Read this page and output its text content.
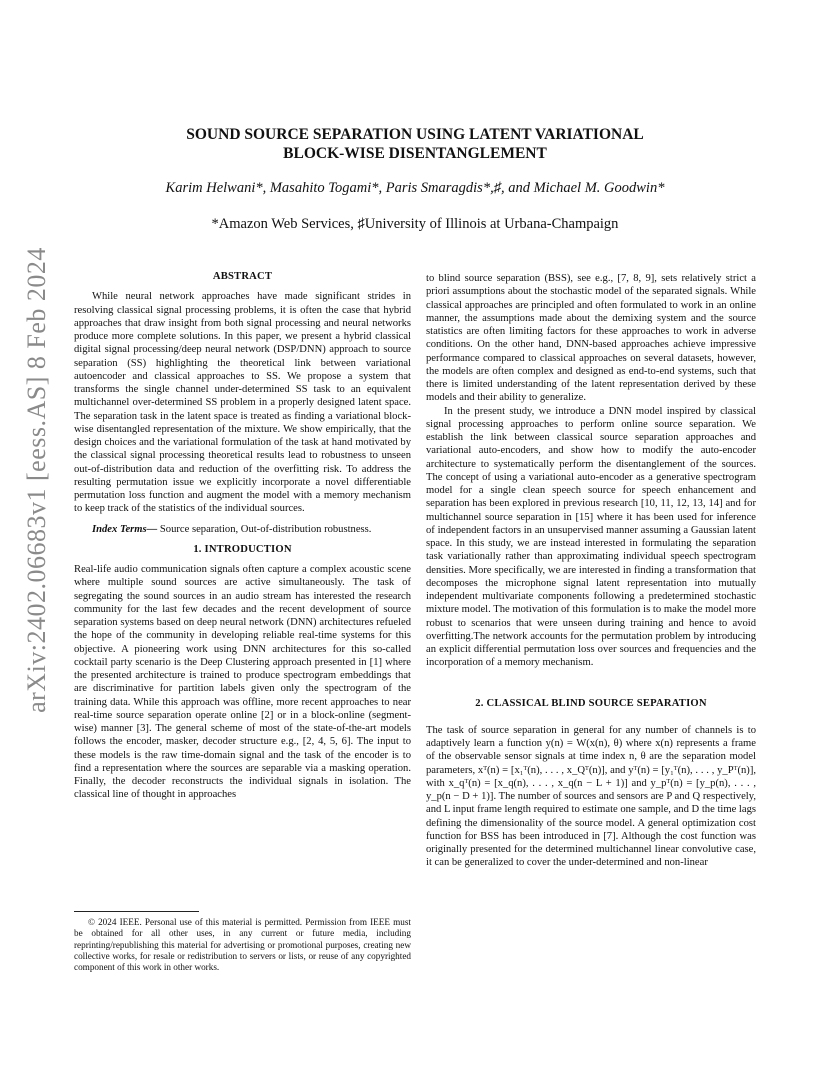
arXiv:2402.06683v1 [eess.AS] 8 Feb 2024
SOUND SOURCE SEPARATION USING LATENT VARIATIONAL
BLOCK-WISE DISENTANGLEMENT
Karim Helwani*, Masahito Togami*, Paris Smaragdis*,♯, and Michael M. Goodwin*
*Amazon Web Services, ♯University of Illinois at Urbana-Champaign
ABSTRACT

While neural network approaches have made significant strides in resolving classical signal processing problems, it is often the case that hybrid approaches that draw insight from both signal processing and neural networks produce more complete solutions. In this paper, we present a hybrid classical digital signal processing/deep neural network (DSP/DNN) approach to source separation (SS) highlighting the theoretical link between variational autoencoder and classical approaches to SS. We propose a system that transforms the single channel under-determined SS task to an equivalent multichannel over-determined SS problem in a properly designed latent space. The separation task in the latent space is treated as finding a variational block-wise disentangled representation of the mixture. We show empirically, that the design choices and the variational formulation of the task at hand motivated by the classical signal processing theoretical results lead to robustness to unseen out-of-distribution data and reduction of the overfitting risk. To address the resulting permutation issue we explicitly incorporate a novel differentiable permutation loss function and augment the model with a memory mechanism to keep track of the statistics of the individual sources.

Index Terms— Source separation, Out-of-distribution robustness.

1. INTRODUCTION

Real-life audio communication signals often capture a complex acoustic scene where multiple sound sources are active simultaneously. The task of segregating the sound sources in an audio stream has interested the research community for the last few decades and the recent development of source separation systems based on deep neural network (DNN) architectures refueled the hope of the community in developing reliable real-time systems for this objective. A pioneering work using DNN architectures for this so-called cocktail party scenario is the Deep Clustering approach presented in [1] where the presented architecture is trained to produce spectrogram embeddings that are discriminative for partition labels given only the spectrogram of the training data. While this approach was offline, more recent approaches to near real-time source separation operate online [2] or in a block-online (segment-wise) manner [3]. The general scheme of most of the state-of-the-art models follows the encoder, masker, decoder structure e.g., [2, 4, 5, 6]. The input to these models is the raw time-domain signal and the task of the encoder is to find a representation where the sources are separable via a masking operation. Finally, the decoder reconstructs the individual signals in isolation. The classical line of thought in approaches

© 2024 IEEE. Personal use of this material is permitted. Permission from IEEE must be obtained for all other uses, in any current or future media, including reprinting/republishing this material for advertising or promotional purposes, creating new collective works, for resale or redistribution to servers or lists, or reuse of any copyrighted component of this work in other works.

to blind source separation (BSS), see e.g., [7, 8, 9], sets relatively strict a priori assumptions about the stochastic model of the separated signals. While classical approaches are principled and often formulated to work in an online manner, the assumptions made about the demixing system and the source statistics are often limiting factors for these approaches to work in adverse conditions. On the other hand, DNN-based approaches achieve impressive performance compared to classical approaches on several datasets, however, the models are often complex and designed as end-to-end systems, such that there is limited understanding of the latent representation derived by these models and their ability to generalize.

In the present study, we introduce a DNN model inspired by classical signal processing approaches to perform online source separation. We establish the link between classical source separation approaches and variational auto-encoders, and show how to modify the auto-encoder architecture to systematically perform the disentanglement of the sources. The concept of using a variational auto-encoder as a generative spectrogram model for a single clean speech source for speech enhancement and separation has been explored in previous research [10, 11, 12, 13, 14] and for multichannel source separation in [15] where it has been used for inference of independent factors in an unsupervised manner assuming a Gaussian latent space. In this study, we are instead interested in formulating the separation task variationally rather than approximating individual speech spectrogram densities. More specifically, we are interested in finding a transformation that decomposes the microphone signal latent representation into mutually independent multivariate components following a predetermined stochastic mixture model. The motivation of this formulation is to make the model more robust to scenarios that were unseen during training and hence to avoid overfitting.The network accounts for the permutation problem by introducing an explicit differential permutation loss over sources and frequencies and the incorporation of a memory mechanism.

2. CLASSICAL BLIND SOURCE SEPARATION

The task of source separation in general for any number of channels is to adaptively learn a function y(n) = W(x(n), θ) where x(n) represents a frame of the observable sensor signals at time index n, θ are the separation model parameters, xᵀ(n) = [x₁ᵀ(n), . . . , x_Qᵀ(n)], and yᵀ(n) = [y₁ᵀ(n), . . . , y_Pᵀ(n)], with x_qᵀ(n) = [x_q(n), . . . , x_q(n − L + 1)] and y_pᵀ(n) = [y_p(n), . . . , y_p(n − D + 1)]. The number of sources and sensors are P and Q respectively, and L input frame length required to estimate one sample, and D the time lags defining the dimensionality of the source model. A general optimization cost function for BSS has been introduced in [7]. Although the cost function was originally presented for the determined multichannel linear convolutive case, it can be generalized to cover the under-determined and non-linear
